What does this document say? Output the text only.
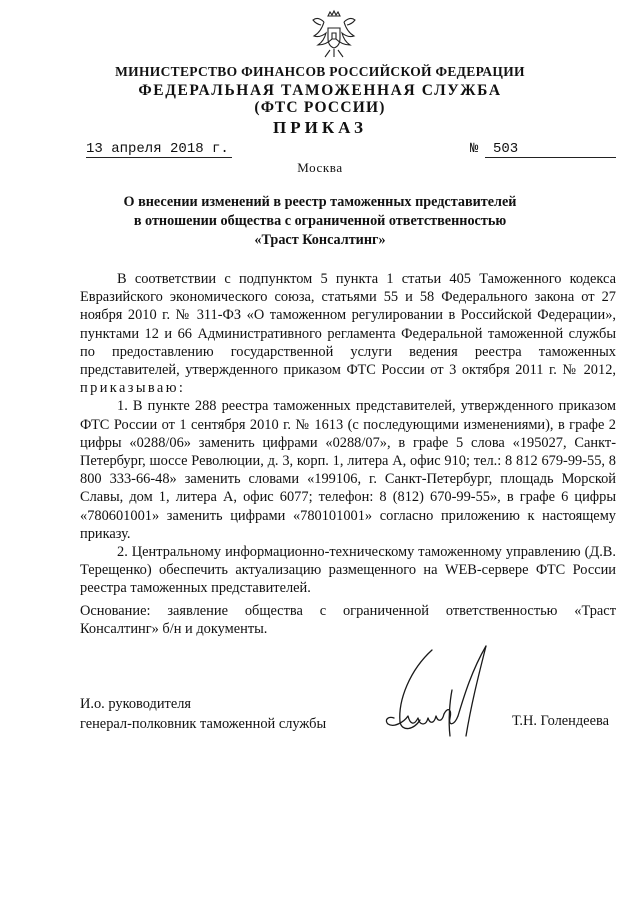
МИНИСТЕРСТВО ФИНАНСОВ РОССИЙСКОЙ ФЕДЕРАЦИИ
ФЕДЕРАЛЬНАЯ ТАМОЖЕННАЯ СЛУЖБА
(ФТС РОССИИ)
ПРИКАЗ
13 апреля 2018 г.	№	503
Москва
О внесении изменений в реестр таможенных представителей
в отношении общества с ограниченной ответственностью
«Траст Консалтинг»

В соответствии с подпунктом 5 пункта 1 статьи 405 Таможенного кодекса Евразийского экономического союза, статьями 55 и 58 Федерального закона от 27 ноября 2010 г. № 311-ФЗ «О таможенном регулировании в Российской Федерации», пунктами 12 и 66 Административного регламента Федеральной таможенной службы по предоставлению государственной услуги ведения реестра таможенных представителей, утвержденного приказом ФТС России от 3 октября 2011 г. № 2012, приказываю:

1. В пункте 288 реестра таможенных представителей, утвержденного приказом ФТС России от 1 сентября 2010 г. № 1613 (с последующими изменениями), в графе 2 цифры «0288/06» заменить цифрами «0288/07», в графе 5 слова «195027, Санкт-Петербург, шоссе Революции, д. 3, корп. 1, литера А, офис 910; тел.: 8 812 679-99-55, 8 800 333-66-48» заменить словами «199106, г. Санкт-Петербург, площадь Морской Славы, дом 1, литера А, офис 6077; телефон: 8 (812) 670-99-55», в графе 6 цифры «780601001» заменить цифрами «780101001» согласно приложению к настоящему приказу.

2. Центральному информационно-техническому таможенному управлению (Д.В. Терещенко) обеспечить актуализацию размещенного на WEB-сервере ФТС России реестра таможенных представителей.

Основание: заявление общества с ограниченной ответственностью «Траст Консалтинг» б/н и документы.
И.о. руководителя
генерал-полковник таможенной службы	Т.Н. Голендеева
